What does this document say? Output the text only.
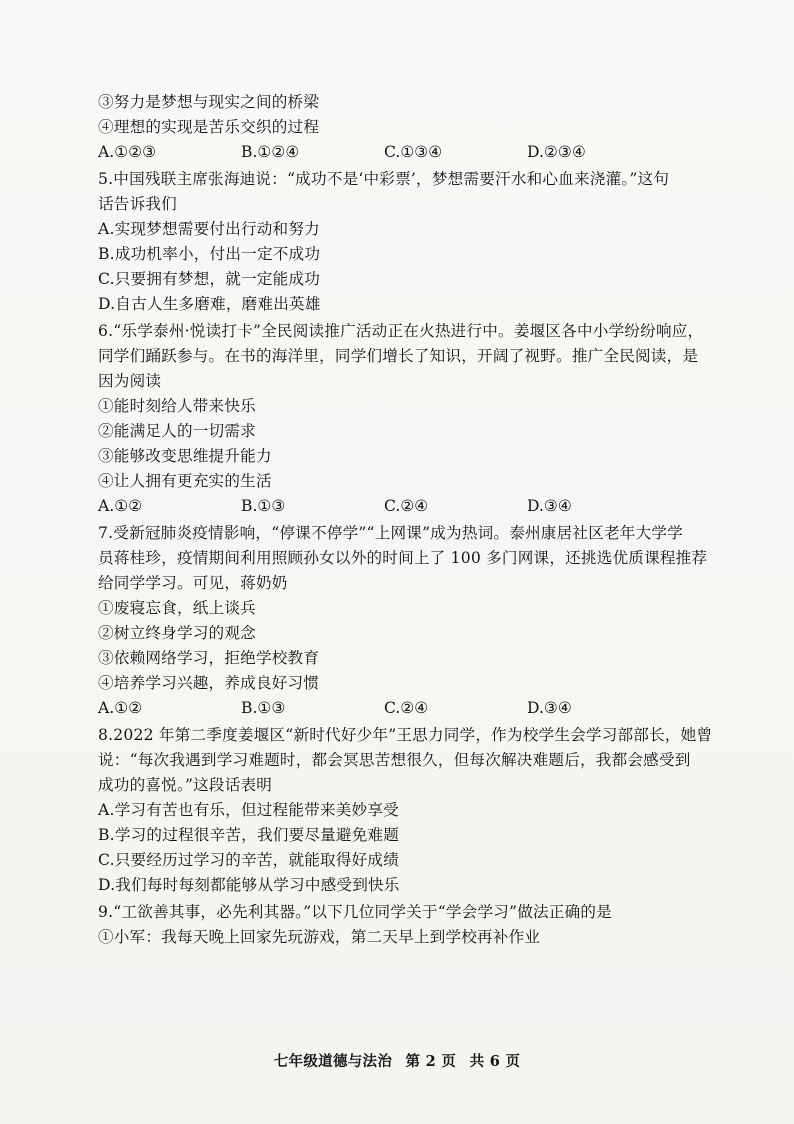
③努力是梦想与现实之间的桥梁
④理想的实现是苦乐交织的过程
A.①②③	B.①②④	C.①③④	D.②③④
5.中国残联主席张海迪说：“成功不是‘中彩票’，梦想需要汗水和心血来浇灌。”这句
话告诉我们
A.实现梦想需要付出行动和努力
B.成功机率小，付出一定不成功
C.只要拥有梦想，就一定能成功
D.自古人生多磨难，磨难出英雄
6.“乐学泰州·悦读打卡”全民阅读推广活动正在火热进行中。姜堰区各中小学纷纷响应，
同学们踊跃参与。在书的海洋里，同学们增长了知识，开阔了视野。推广全民阅读，是
因为阅读
①能时刻给人带来快乐
②能满足人的一切需求
③能够改变思维提升能力
④让人拥有更充实的生活
A.①②	B.①③	C.②④	D.③④
7.受新冠肺炎疫情影响，“停课不停学”“上网课”成为热词。泰州康居社区老年大学学
员蒋桂珍，疫情期间利用照顾孙女以外的时间上了 100 多门网课，还挑选优质课程推荐
给同学学习。可见，蒋奶奶
①废寝忘食，纸上谈兵
②树立终身学习的观念
③依赖网络学习，拒绝学校教育
④培养学习兴趣，养成良好习惯
A.①②	B.①③	C.②④	D.③④
8.2022 年第二季度姜堰区“新时代好少年”王思力同学，作为校学生会学习部部长，她曾
说：“每次我遇到学习难题时，都会冥思苦想很久，但每次解决难题后，我都会感受到
成功的喜悦。”这段话表明
A.学习有苦也有乐，但过程能带来美妙享受
B.学习的过程很辛苦，我们要尽量避免难题
C.只要经历过学习的辛苦，就能取得好成绩
D.我们每时每刻都能够从学习中感受到快乐
9.“工欲善其事，必先利其器。”以下几位同学关于“学会学习”做法正确的是
①小军：我每天晚上回家先玩游戏，第二天早上到学校再补作业
七年级道德与法治 第 2 页 共 6 页
